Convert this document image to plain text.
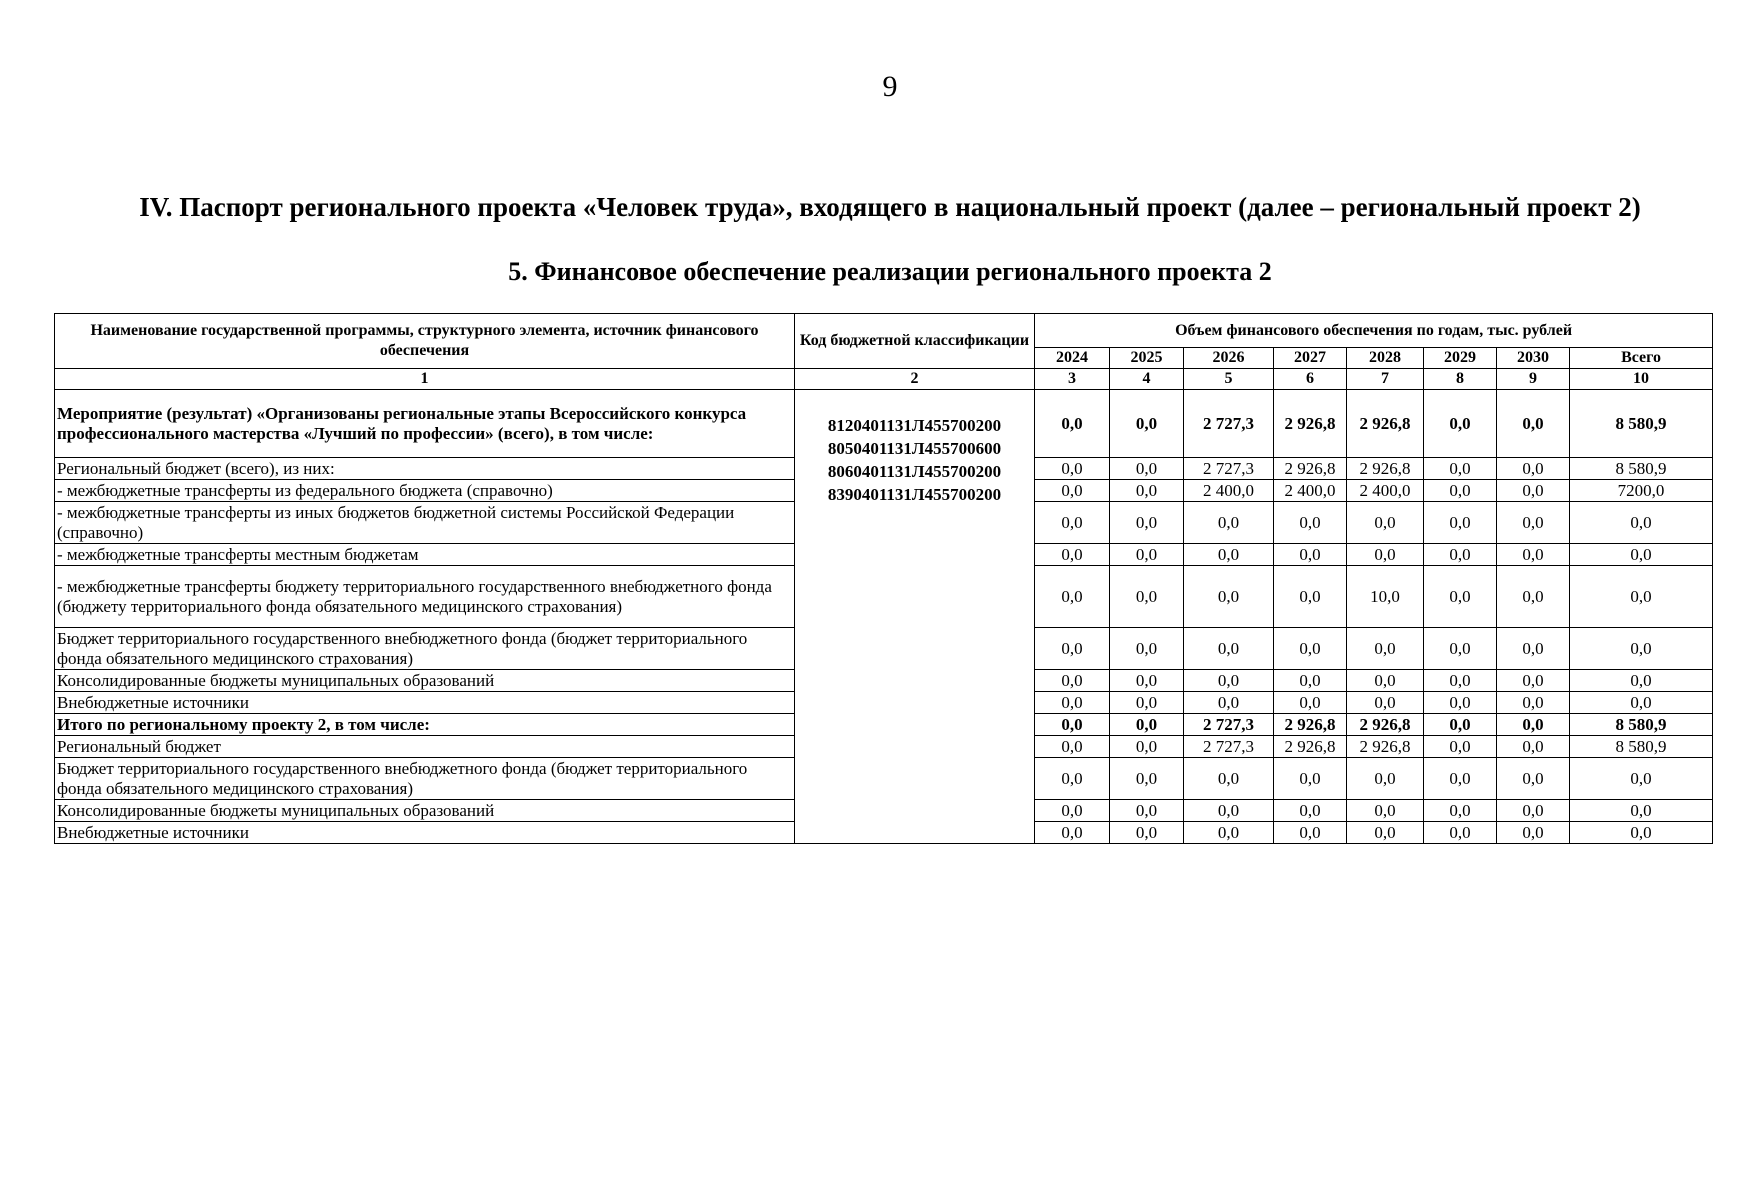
9
IV. Паспорт регионального проекта «Человек труда», входящего в национальный проект (далее – региональный проект 2)
5. Финансовое обеспечение реализации регионального проекта 2
Наименование государственной программы, структурного элемента, источник финансового обеспечения	Код бюджетной классификации	Объем финансового обеспечения по годам, тыс. рублей							
		2024	2025	2026	2027	2028	2029	2030	Всего
1	2	3	4	5	6	7	8	9	10
Мероприятие (результат) «Организованы региональные этапы Всероссийского конкурса профессионального мастерства «Лучший по профессии» (всего), в том числе:	8120401131Л455700200
8050401131Л455700600
8060401131Л455700200
8390401131Л455700200	0,0	0,0	2 727,3	2 926,8	2 926,8	0,0	0,0	8 580,9
Региональный бюджет (всего), из них:		0,0	0,0	2 727,3	2 926,8	2 926,8	0,0	0,0	8 580,9
- межбюджетные трансферты из федерального бюджета (справочно)		0,0	0,0	2 400,0	2 400,0	2 400,0	0,0	0,0	7200,0
- межбюджетные трансферты из иных бюджетов бюджетной системы Российской Федерации (справочно)		0,0	0,0	0,0	0,0	0,0	0,0	0,0	0,0
- межбюджетные трансферты местным бюджетам		0,0	0,0	0,0	0,0	0,0	0,0	0,0	0,0
- межбюджетные трансферты бюджету территориального государственного внебюджетного фонда (бюджету территориального фонда обязательного медицинского страхования)		0,0	0,0	0,0	0,0	10,0	0,0	0,0	0,0
Бюджет территориального государственного внебюджетного фонда (бюджет территориального фонда обязательного медицинского страхования)		0,0	0,0	0,0	0,0	0,0	0,0	0,0	0,0
Консолидированные бюджеты муниципальных образований		0,0	0,0	0,0	0,0	0,0	0,0	0,0	0,0
Внебюджетные источники		0,0	0,0	0,0	0,0	0,0	0,0	0,0	0,0
Итого по региональному проекту 2, в том числе:		0,0	0,0	2 727,3	2 926,8	2 926,8	0,0	0,0	8 580,9
Региональный бюджет		0,0	0,0	2 727,3	2 926,8	2 926,8	0,0	0,0	8 580,9
Бюджет территориального государственного внебюджетного фонда (бюджет территориального фонда обязательного медицинского страхования)		0,0	0,0	0,0	0,0	0,0	0,0	0,0	0,0
Консолидированные бюджеты муниципальных образований		0,0	0,0	0,0	0,0	0,0	0,0	0,0	0,0
Внебюджетные источники		0,0	0,0	0,0	0,0	0,0	0,0	0,0	0,0
